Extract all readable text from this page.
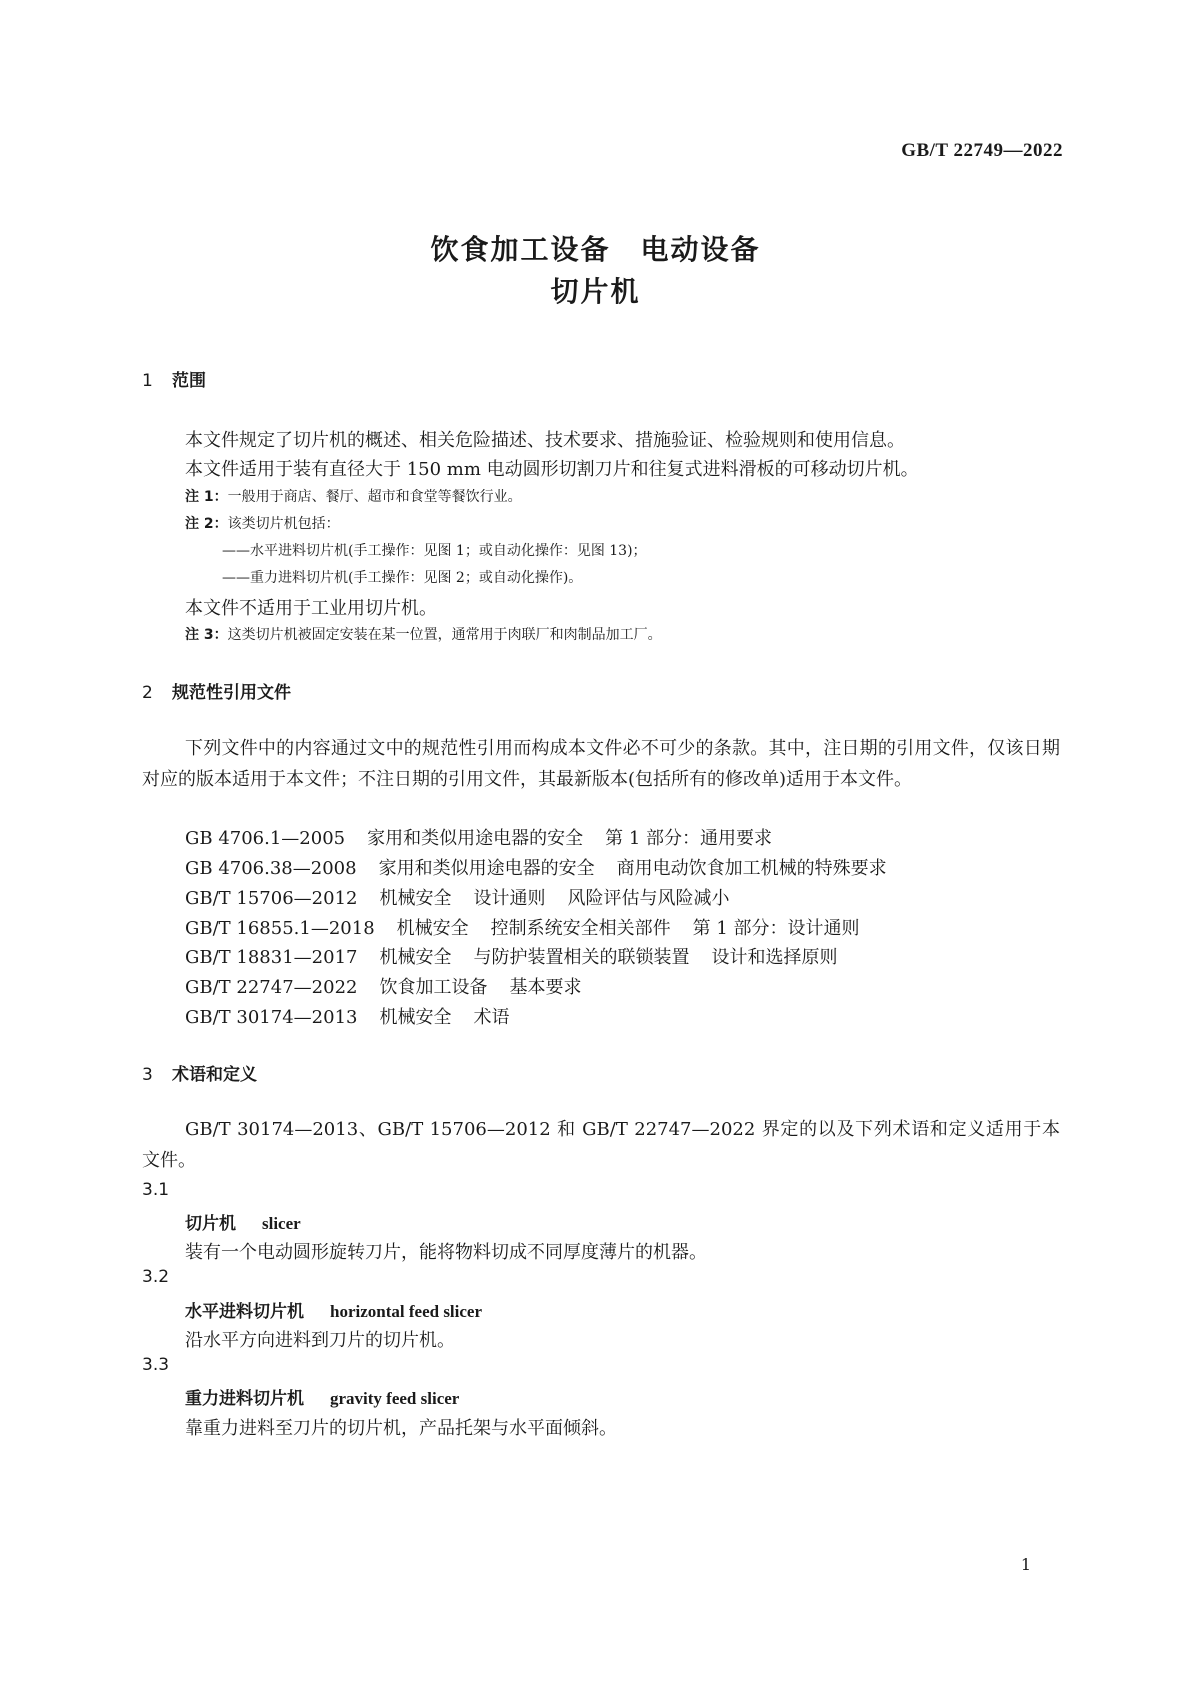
GB/T 22749—2022
饮食加工设备　电动设备
切片机
1 范围
本文件规定了切片机的概述、相关危险描述、技术要求、措施验证、检验规则和使用信息。
本文件适用于装有直径大于 150 mm 电动圆形切割刀片和往复式进料滑板的可移动切片机。
注 1：一般用于商店、餐厅、超市和食堂等餐饮行业。
注 2：该类切片机包括：
——水平进料切片机(手工操作：见图 1；或自动化操作：见图 13)；
——重力进料切片机(手工操作：见图 2；或自动化操作)。
本文件不适用于工业用切片机。
注 3：这类切片机被固定安装在某一位置，通常用于肉联厂和肉制品加工厂。
2 规范性引用文件

下列文件中的内容通过文中的规范性引用而构成本文件必不可少的条款。其中，注日期的引用文件，仅该日期对应的版本适用于本文件；不注日期的引用文件，其最新版本(包括所有的修改单)适用于本文件。

GB 4706.1—2005 家用和类似用途电器的安全 第 1 部分：通用要求
GB 4706.38—2008 家用和类似用途电器的安全 商用电动饮食加工机械的特殊要求
GB/T 15706—2012 机械安全 设计通则 风险评估与风险减小
GB/T 16855.1—2018 机械安全 控制系统安全相关部件 第 1 部分：设计通则
GB/T 18831—2017 机械安全 与防护装置相关的联锁装置 设计和选择原则
GB/T 22747—2022 饮食加工设备 基本要求
GB/T 30174—2013 机械安全 术语
3 术语和定义

GB/T 30174—2013、GB/T 15706—2012 和 GB/T 22747—2022 界定的以及下列术语和定义适用于本文件。

3.1
切片机 slicer
装有一个电动圆形旋转刀片，能将物料切成不同厚度薄片的机器。
3.2
水平进料切片机 horizontal feed slicer
沿水平方向进料到刀片的切片机。
3.3
重力进料切片机 gravity feed slicer
靠重力进料至刀片的切片机，产品托架与水平面倾斜。
1
